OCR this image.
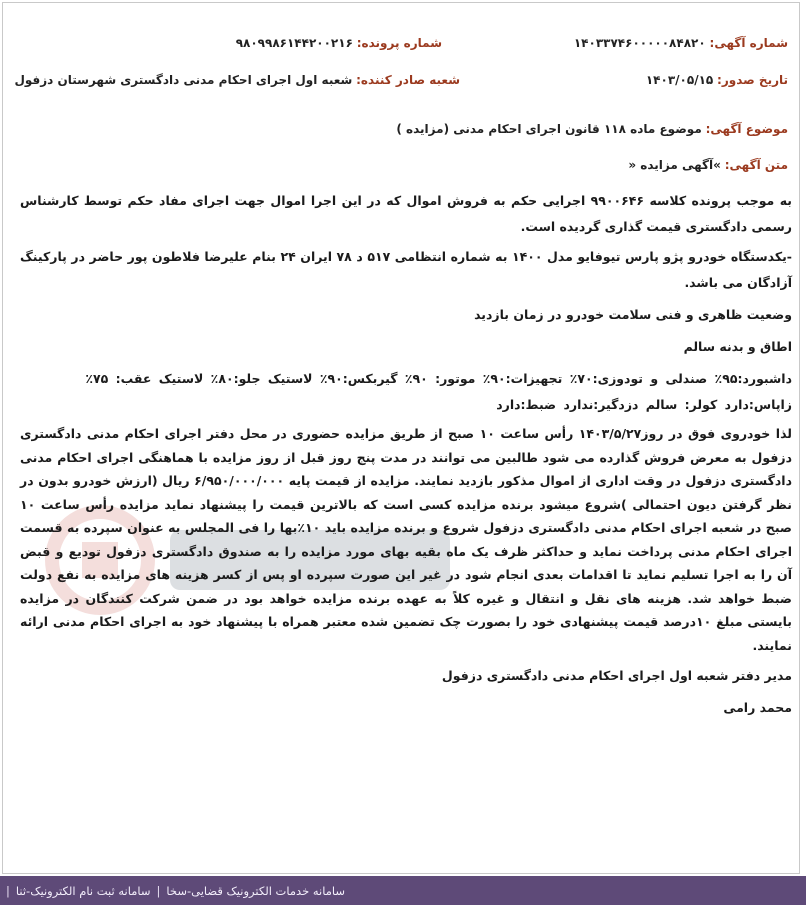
شماره آگهی: ۱۴۰۳۳۷۴۶۰۰۰۰۰۸۴۸۲۰
شماره پرونده: ۹۸۰۹۹۸۶۱۴۴۲۰۰۲۱۶
تاریخ صدور: ۱۴۰۳/۰۵/۱۵
شعبه صادر کننده: شعبه اول اجرای احکام مدنی دادگستری شهرستان دزفول
موضوع آگهی: موضوع ماده ۱۱۸ قانون اجرای احکام مدنی (مزایده )
متن آگهی: »آگهی مزایده «

به موجب پرونده کلاسه ۹۹۰۰۶۴۶ اجرایی حکم به فروش اموال که در این اجرا اموال جهت اجرای مفاد حکم توسط کارشناس رسمی دادگستری قیمت گذاری گردیده است.

-یکدستگاه خودرو پژو پارس تیوفایو مدل ۱۴۰۰ به شماره انتظامی ۵۱۷ د ۷۸ ایران ۲۴ بنام علیرضا فلاطون پور حاضر در پارکینگ آزادگان می باشد.

وضعیت ظاهری و فنی سلامت خودرو در زمان بازدید

اطاق و بدنه سالم

داشبورد:۹۵٪ صندلی و تودوزی:۷۰٪ تجهیزات:۹۰٪ موتور: ۹۰٪ گیربکس:۹۰٪ لاستیک جلو:۸۰٪ لاستیک عقب: ۷۵٪

زاپاس:دارد کولر: سالم دزدگیر:ندارد ضبط:دارد

لذا خودروی فوق در روز۱۴۰۳/۵/۲۷ رأس ساعت ۱۰ صبح از طریق مزایده حضوری در محل دفتر اجرای احکام مدنی دادگستری دزفول به معرض فروش گذارده می شود طالبین می توانند در مدت پنج روز قبل از روز مزایده با هماهنگی اجرای احکام مدنی دادگستری دزفول در وقت اداری از اموال مذکور بازدید نمایند. مزایده از قیمت پایه ۶/۹۵۰/۰۰۰/۰۰۰ ریال (ارزش خودرو بدون در نظر گرفتن دیون احتمالی )شروع میشود برنده مزایده کسی است که بالاترین قیمت را پیشنهاد نماید مزایده رأس ساعت ۱۰ صبح در شعبه اجرای احکام مدنی دادگستری دزفول شروع و برنده مزایده باید ۱۰٪بها را فی المجلس به عنوان سپرده به قسمت اجرای احکام مدنی پرداخت نماید و حداکثر ظرف یک ماه بقیه بهای مورد مزایده را به صندوق دادگستری دزفول تودیع و قبض آن را به اجرا تسلیم نماید تا اقدامات بعدی انجام شود در غیر این صورت سپرده او پس از کسر هزینه های مزایده به نفع دولت ضبط خواهد شد. هزینه های نقل و انتقال و غیره کلاً به عهده برنده مزایده خواهد بود در ضمن شرکت کنندگان در مزایده بایستی مبلغ ۱۰درصد قیمت پیشنهادی خود را بصورت چک تضمین شده معتبر همراه با پیشنهاد خود به اجرای احکام مدنی ارائه نمایند.

مدیر دفتر شعبه اول اجرای احکام مدنی دادگستری دزفول

محمد رامی

سامانه خدمات الکترونیک قضایی-سخا
|
سامانه ثبت نام الکترونیک-ثنا
|
